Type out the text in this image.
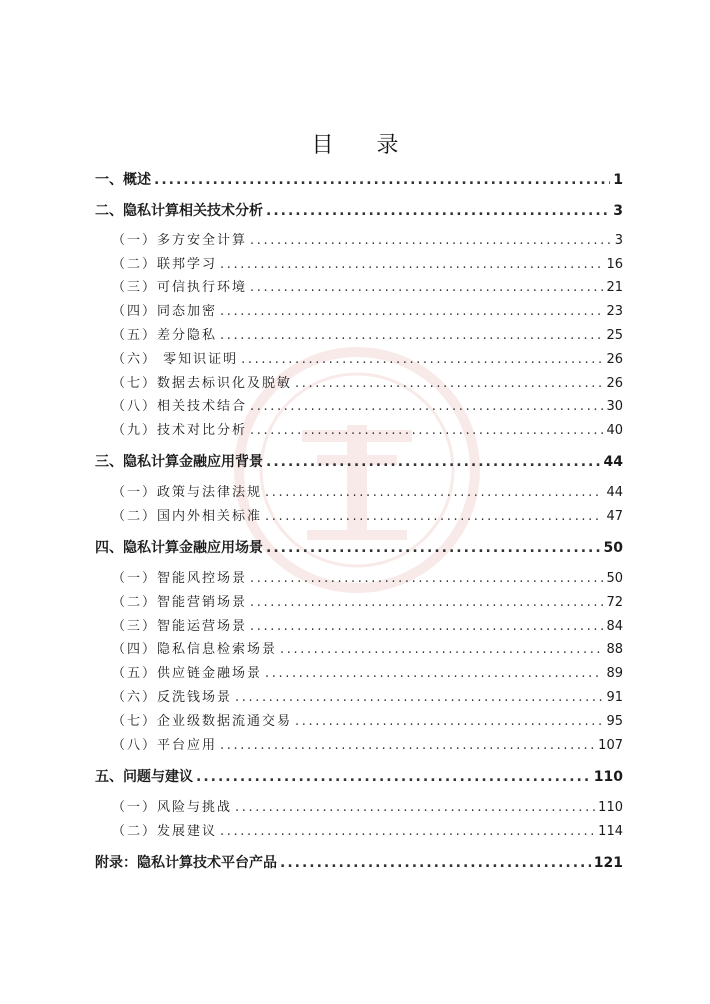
目 录
一、概述 .....	1
二、隐私计算相关技术分析 .....	3
（一）多方安全计算 .....	3
（二）联邦学习 .....	16
（三）可信执行环境 .....	21
（四）同态加密 .....	23
（五）差分隐私 .....	25
（六） 零知识证明 .....	26
（七）数据去标识化及脱敏 .....	26
（八）相关技术结合 .....	30
（九）技术对比分析 .....	40
三、隐私计算金融应用背景 .....	44
（一）政策与法律法规 .....	44
（二）国内外相关标准 .....	47
四、隐私计算金融应用场景 .....	50
（一）智能风控场景 .....	50
（二）智能营销场景 .....	72
（三）智能运营场景 .....	84
（四）隐私信息检索场景 .....	88
（五）供应链金融场景 .....	89
（六）反洗钱场景 .....	91
（七）企业级数据流通交易 .....	95
（八）平台应用 .....	107
五、问题与建议 .....	110
（一）风险与挑战 .....	110
（二）发展建议 .....	114
附录：隐私计算技术平台产品 .....	121
